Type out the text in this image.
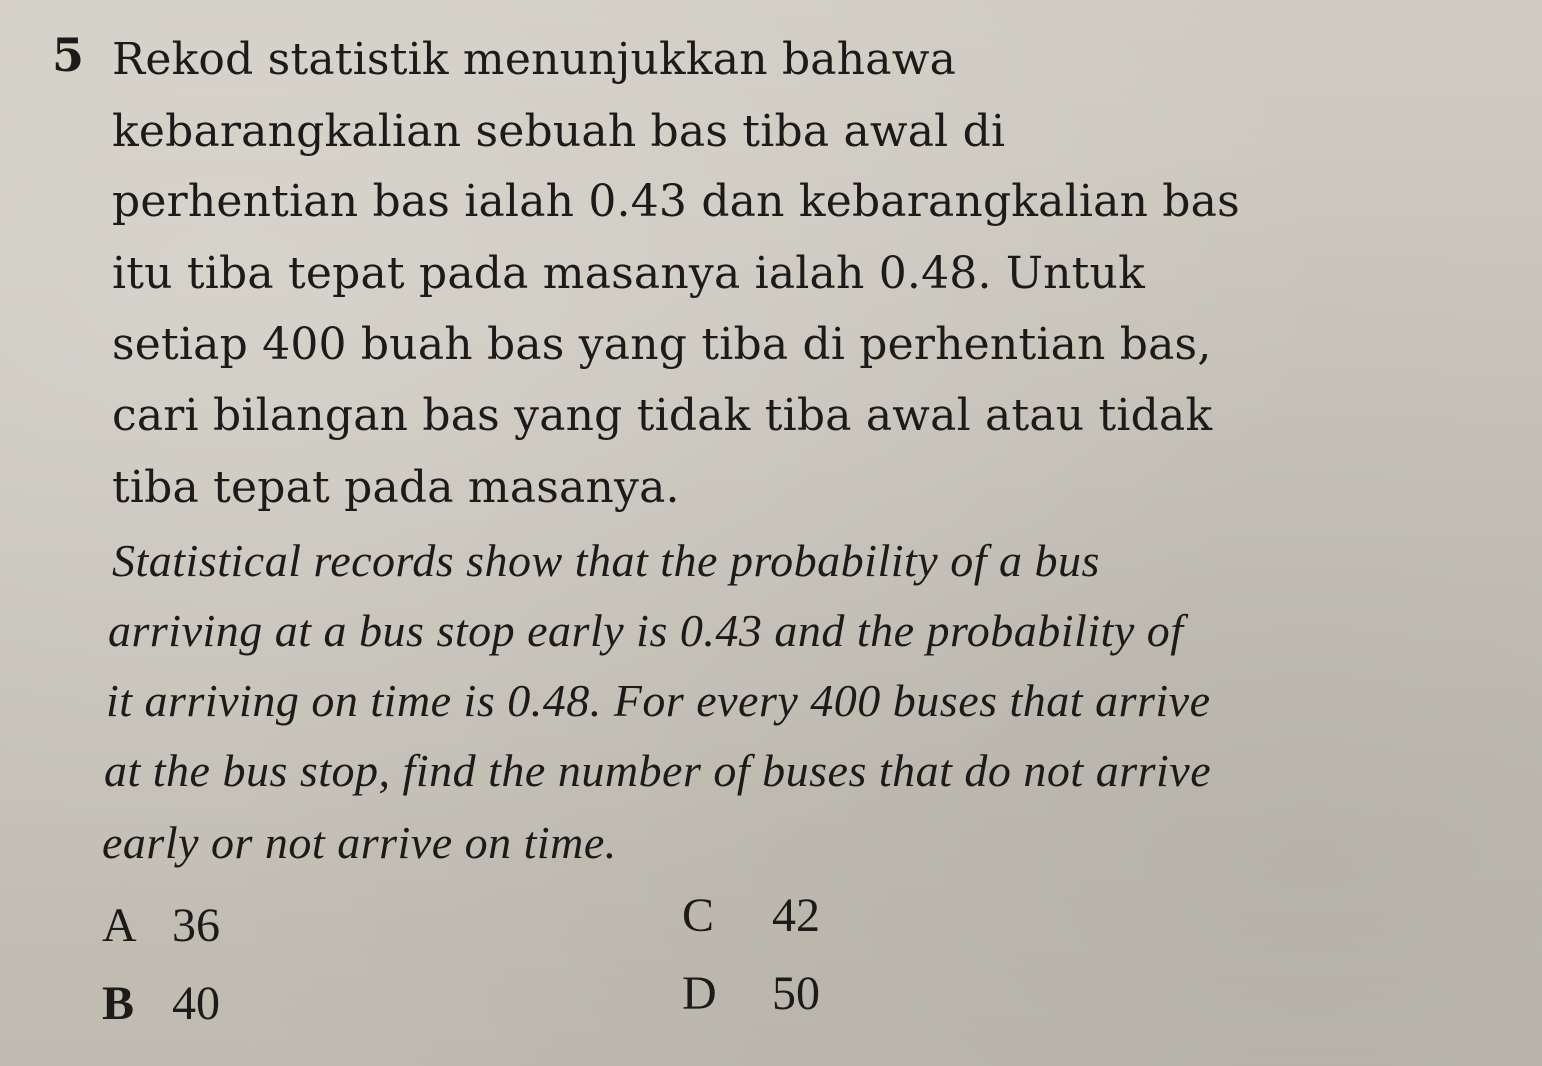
5 Rekod statistik menunjukkan bahawa

kebarangkalian sebuah bas tiba awal di

perhentian bas ialah 0.43 dan kebarangkalian bas

itu tiba tepat pada masanya ialah 0.48. Untuk

setiap 400 buah bas yang tiba di perhentian bas,

cari bilangan bas yang tidak tiba awal atau tidak

tiba tepat pada masanya.

Statistical records show that the probability of a bus

arriving at a bus stop early is 0.43 and the probability of

it arriving on time is 0.48. For every 400 buses that arrive

at the bus stop, find the number of buses that do not arrive

early or not arrive on time.

A 36

B 40

C 42

D 50
